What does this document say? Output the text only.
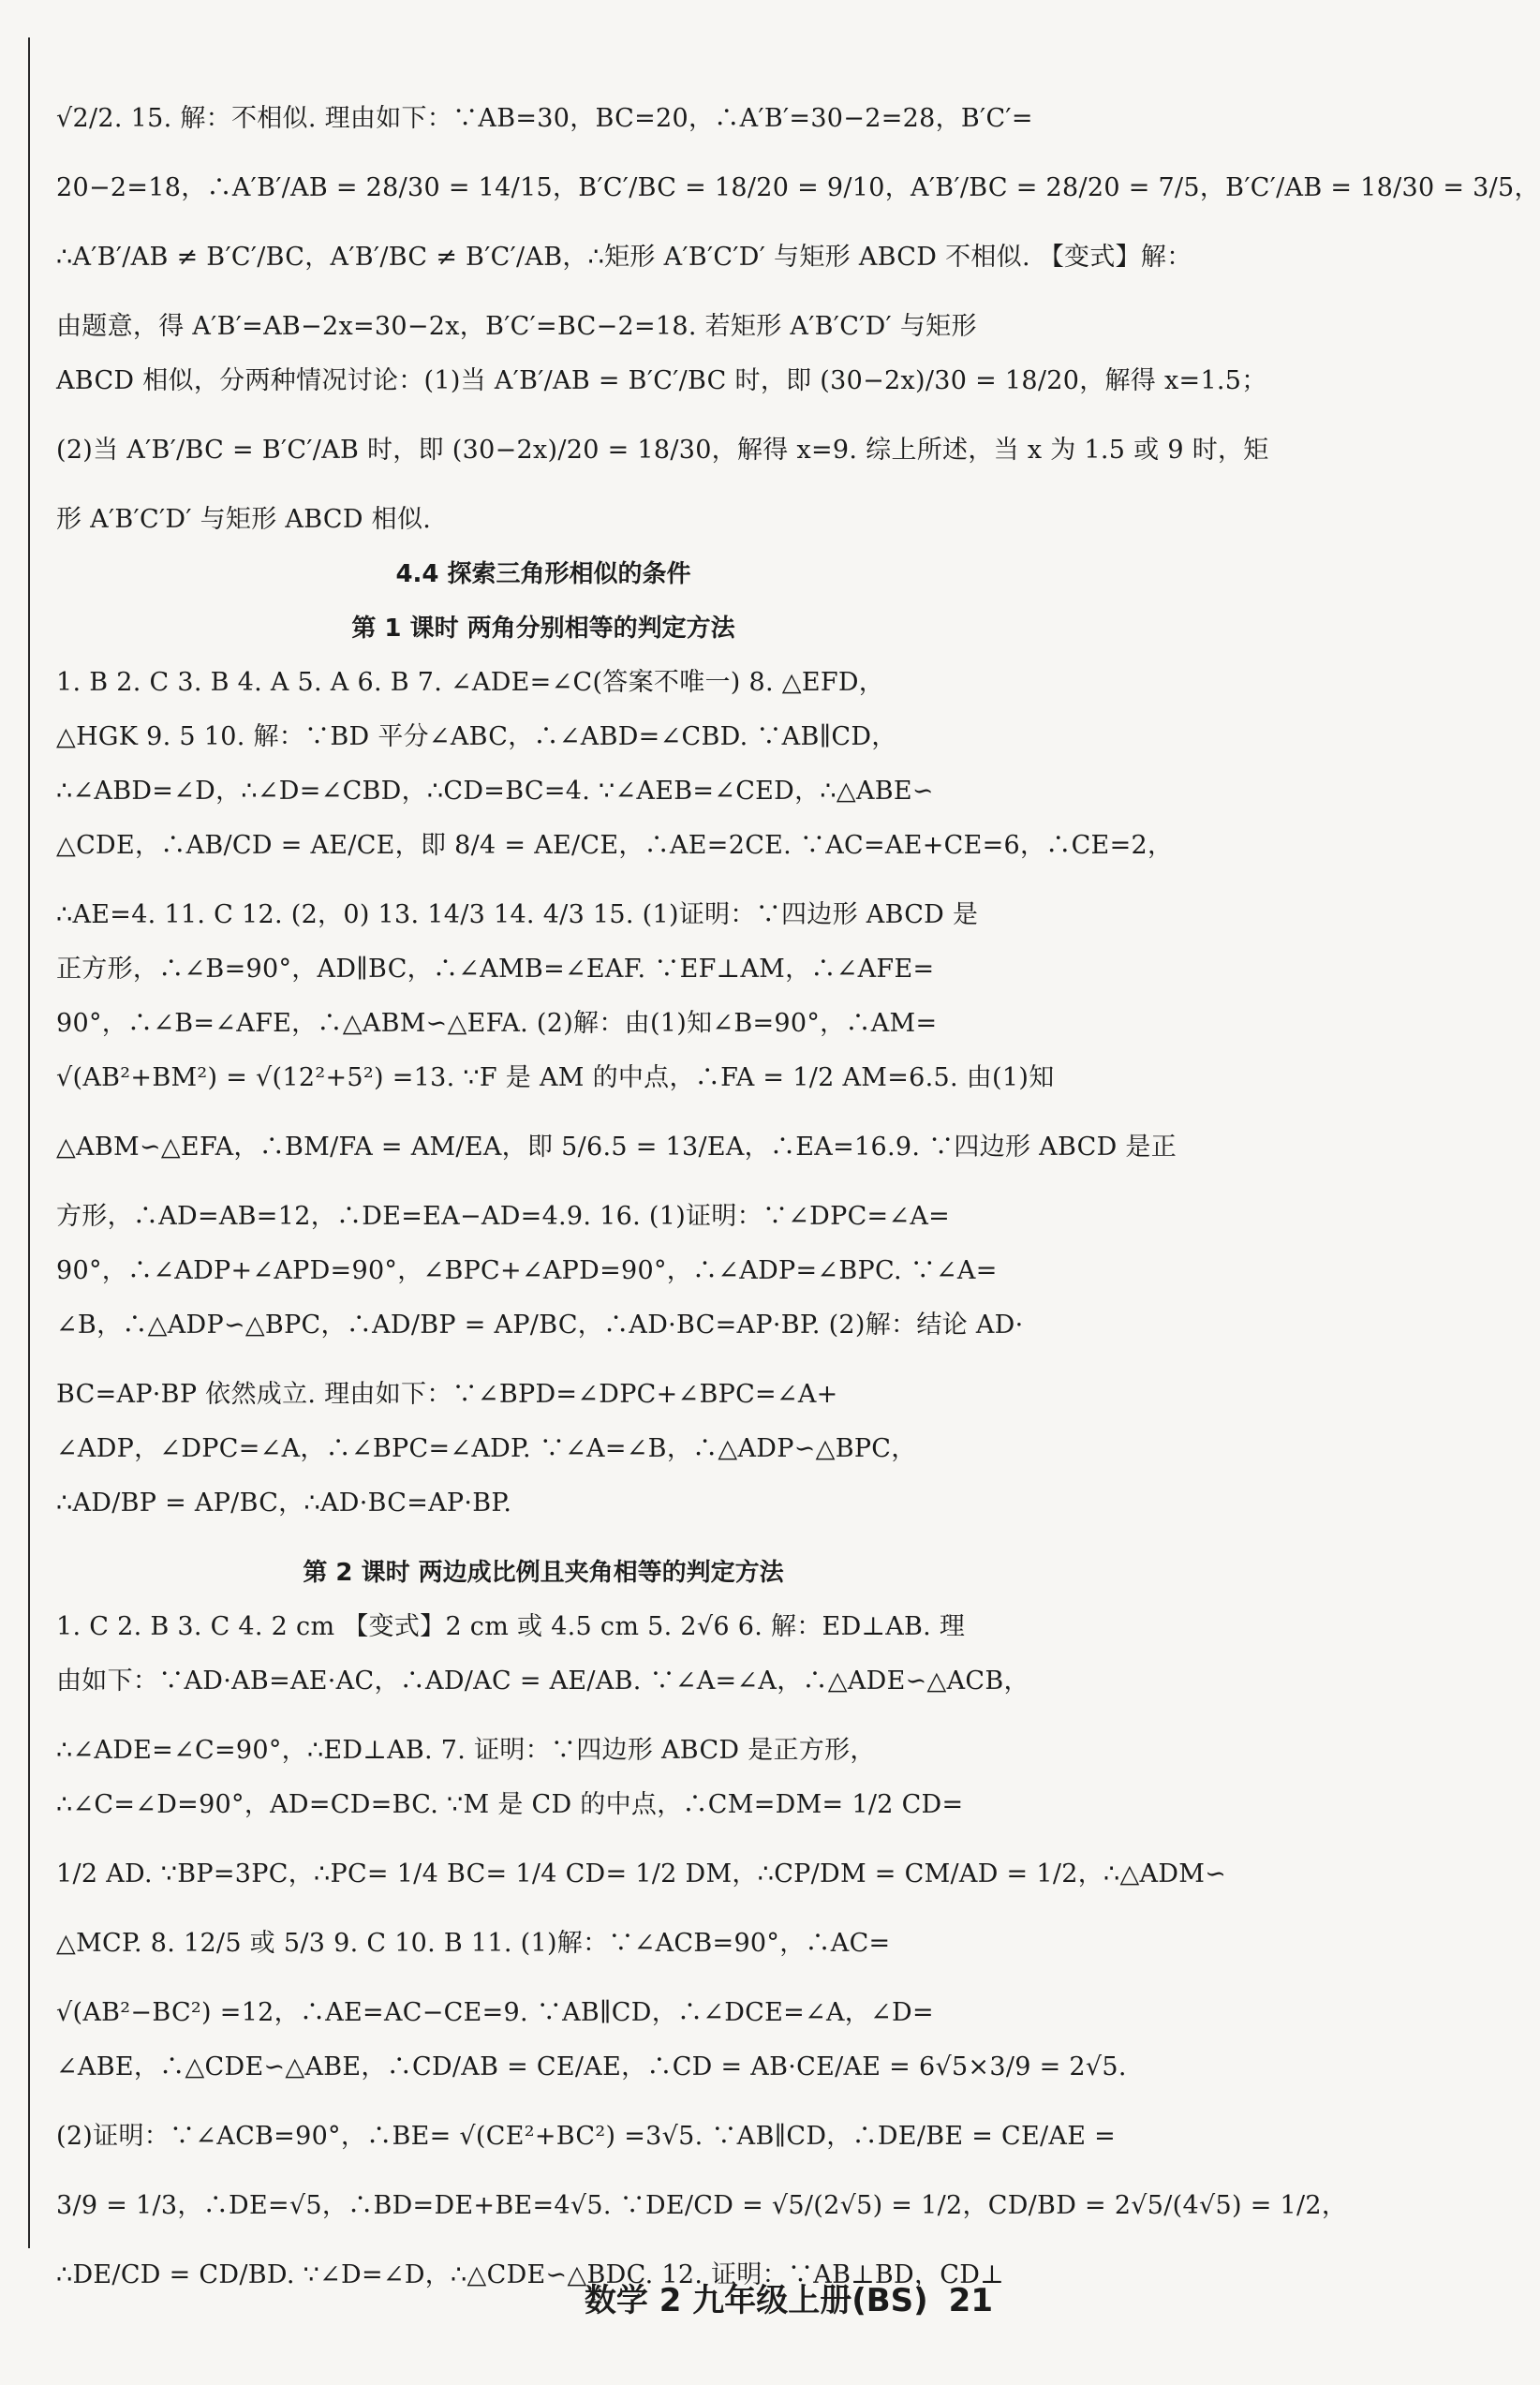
√2/2. 15. 解：不相似. 理由如下：∵AB=30，BC=20，∴A′B′=30−2=28，B′C′=
20−2=18，∴A′B′/AB = 28/30 = 14/15，B′C′/BC = 18/20 = 9/10，A′B′/BC = 28/20 = 7/5，B′C′/AB = 18/30 = 3/5，
∴A′B′/AB ≠ B′C′/BC，A′B′/BC ≠ B′C′/AB，∴矩形 A′B′C′D′ 与矩形 ABCD 不相似. 【变式】解：
由题意，得 A′B′=AB−2x=30−2x，B′C′=BC−2=18. 若矩形 A′B′C′D′ 与矩形
ABCD 相似，分两种情况讨论：(1)当 A′B′/AB = B′C′/BC 时，即 (30−2x)/30 = 18/20，解得 x=1.5；
(2)当 A′B′/BC = B′C′/AB 时，即 (30−2x)/20 = 18/30，解得 x=9. 综上所述，当 x 为 1.5 或 9 时，矩
形 A′B′C′D′ 与矩形 ABCD 相似.
4.4 探索三角形相似的条件
第 1 课时 两角分别相等的判定方法
1. B 2. C 3. B 4. A 5. A 6. B 7. ∠ADE=∠C(答案不唯一) 8. △EFD，
△HGK 9. 5 10. 解：∵BD 平分∠ABC，∴∠ABD=∠CBD. ∵AB∥CD，
∴∠ABD=∠D，∴∠D=∠CBD，∴CD=BC=4. ∵∠AEB=∠CED，∴△ABE∽
△CDE，∴AB/CD = AE/CE，即 8/4 = AE/CE，∴AE=2CE. ∵AC=AE+CE=6，∴CE=2，
∴AE=4. 11. C 12. (2，0) 13. 14/3 14. 4/3 15. (1)证明：∵四边形 ABCD 是
正方形，∴∠B=90°，AD∥BC，∴∠AMB=∠EAF. ∵EF⊥AM，∴∠AFE=
90°，∴∠B=∠AFE，∴△ABM∽△EFA. (2)解：由(1)知∠B=90°，∴AM=
√(AB²+BM²) = √(12²+5²) =13. ∵F 是 AM 的中点，∴FA = 1/2 AM=6.5. 由(1)知
△ABM∽△EFA，∴BM/FA = AM/EA，即 5/6.5 = 13/EA，∴EA=16.9. ∵四边形 ABCD 是正
方形，∴AD=AB=12，∴DE=EA−AD=4.9. 16. (1)证明：∵∠DPC=∠A=
90°，∴∠ADP+∠APD=90°，∠BPC+∠APD=90°，∴∠ADP=∠BPC. ∵∠A=
∠B，∴△ADP∽△BPC，∴AD/BP = AP/BC，∴AD·BC=AP·BP. (2)解：结论 AD·
BC=AP·BP 依然成立. 理由如下：∵∠BPD=∠DPC+∠BPC=∠A+
∠ADP，∠DPC=∠A，∴∠BPC=∠ADP. ∵∠A=∠B，∴△ADP∽△BPC，
∴AD/BP = AP/BC，∴AD·BC=AP·BP.
第 2 课时 两边成比例且夹角相等的判定方法
1. C 2. B 3. C 4. 2 cm 【变式】2 cm 或 4.5 cm 5. 2√6 6. 解：ED⊥AB. 理
由如下：∵AD·AB=AE·AC，∴AD/AC = AE/AB. ∵∠A=∠A，∴△ADE∽△ACB，
∴∠ADE=∠C=90°，∴ED⊥AB. 7. 证明：∵四边形 ABCD 是正方形，
∴∠C=∠D=90°，AD=CD=BC. ∵M 是 CD 的中点，∴CM=DM= 1/2 CD=
1/2 AD. ∵BP=3PC，∴PC= 1/4 BC= 1/4 CD= 1/2 DM，∴CP/DM = CM/AD = 1/2，∴△ADM∽
△MCP. 8. 12/5 或 5/3 9. C 10. B 11. (1)解：∵∠ACB=90°，∴AC=
√(AB²−BC²) =12，∴AE=AC−CE=9. ∵AB∥CD，∴∠DCE=∠A，∠D=
∠ABE，∴△CDE∽△ABE，∴CD/AB = CE/AE，∴CD = AB·CE/AE = 6√5×3/9 = 2√5.
(2)证明：∵∠ACB=90°，∴BE= √(CE²+BC²) =3√5. ∵AB∥CD，∴DE/BE = CE/AE =
3/9 = 1/3，∴DE=√5，∴BD=DE+BE=4√5. ∵DE/CD = √5/(2√5) = 1/2，CD/BD = 2√5/(4√5) = 1/2，
∴DE/CD = CD/BD. ∵∠D=∠D，∴△CDE∽△BDC. 12. 证明：∵AB⊥BD，CD⊥
数学 2 九年级上册(BS) 21
